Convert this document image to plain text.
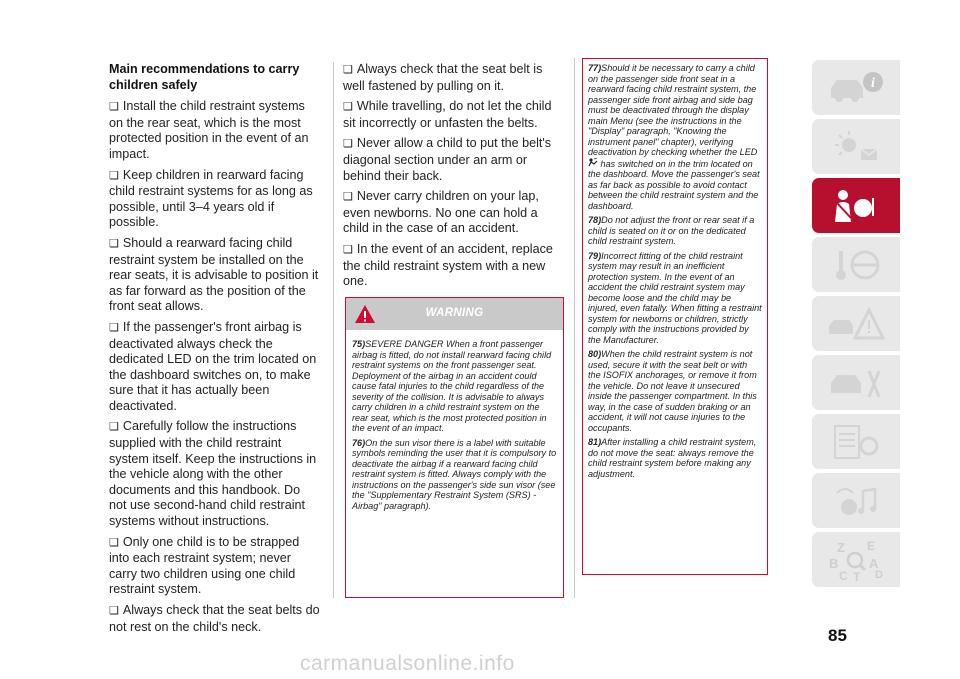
Main recommendations to carry children safely

❑ Install the child restraint systems on the rear seat, which is the most protected position in the event of an impact.

❑ Keep children in rearward facing child restraint systems for as long as possible, until 3–4 years old if possible.

❑ Should a rearward facing child restraint system be installed on the rear seats, it is advisable to position it as far forward as the position of the front seat allows.

❑ If the passenger's front airbag is deactivated always check the dedicated LED on the trim located on the dashboard switches on, to make sure that it has actually been deactivated.

❑ Carefully follow the instructions supplied with the child restraint system itself. Keep the instructions in the vehicle along with the other documents and this handbook. Do not use second-hand child restraint systems without instructions.

❑ Only one child is to be strapped into each restraint system; never carry two children using one child restraint system.

❑ Always check that the seat belts do not rest on the child's neck.

❑ Always check that the seat belt is well fastened by pulling on it.

❑ While travelling, do not let the child sit incorrectly or unfasten the belts.

❑ Never allow a child to put the belt's diagonal section under an arm or behind their back.

❑ Never carry children on your lap, even newborns. No one can hold a child in the case of an accident.

❑ In the event of an accident, replace the child restraint system with a new one.

WARNING

75)SEVERE DANGER When a front passenger airbag is fitted, do not install rearward facing child restraint systems on the front passenger seat. Deployment of the airbag in an accident could cause fatal injuries to the child regardless of the severity of the collision. It is advisable to always carry children in a child restraint system on the rear seat, which is the most protected position in the event of an impact.

76)On the sun visor there is a label with suitable symbols reminding the user that it is compulsory to deactivate the airbag if a rearward facing child restraint system is fitted. Always comply with the instructions on the passenger's side sun visor (see the "Supplementary Restraint System (SRS) - Airbag" paragraph).

77)Should it be necessary to carry a child on the passenger side front seat in a rearward facing child restraint system, the passenger side front airbag and side bag must be deactivated through the display main Menu (see the instructions in the "Display" paragraph, "Knowing the instrument panel" chapter), verifying deactivation by checking whether the LED  has switched on in the trim located on the dashboard. Move the passenger's seat as far back as possible to avoid contact between the child restraint system and the dashboard.

78)Do not adjust the front or rear seat if a child is seated on it or on the dedicated child restraint system.

79)Incorrect fitting of the child restraint system may result in an inefficient protection system. In the event of an accident the child restraint system may become loose and the child may be injured, even fatally. When fitting a restraint system for newborns or children, strictly comply with the instructions provided by the Manufacturer.

80)When the child restraint system is not used, secure it with the seat belt or with the ISOFIX anchorages, or remove it from the vehicle. Do not leave it unsecured inside the passenger compartment. In this way, in the case of sudden braking or an accident, it will not cause injuries to the occupants.

81)After installing a child restraint system, do not move the seat: always remove the child restraint system before making any adjustment.

i
Z E
B A
C T D
85
carmanualsonline.info
